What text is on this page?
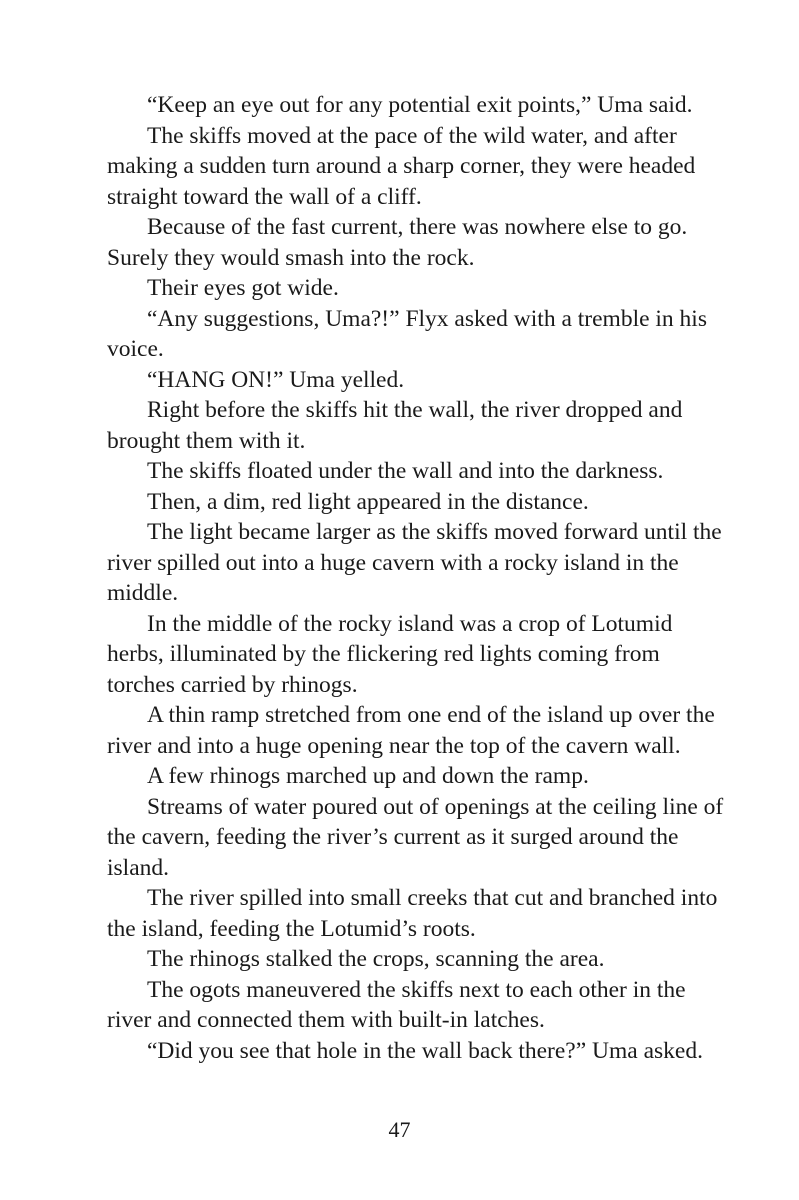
“Keep an eye out for any potential exit points,” Uma said.

The skiffs moved at the pace of the wild water, and after making a sudden turn around a sharp corner, they were headed straight toward the wall of a cliff.

Because of the fast current, there was nowhere else to go. Surely they would smash into the rock.

Their eyes got wide.

“Any suggestions, Uma?!” Flyx asked with a tremble in his voice.

“HANG ON!” Uma yelled.

Right before the skiffs hit the wall, the river dropped and brought them with it.

The skiffs floated under the wall and into the darkness.

Then, a dim, red light appeared in the distance.

The light became larger as the skiffs moved forward until the river spilled out into a huge cavern with a rocky island in the middle.

In the middle of the rocky island was a crop of Lotumid herbs, illuminated by the flickering red lights coming from torches carried by rhinogs.

A thin ramp stretched from one end of the island up over the river and into a huge opening near the top of the cavern wall.

A few rhinogs marched up and down the ramp.

Streams of water poured out of openings at the ceiling line of the cavern, feeding the river’s current as it surged around the island.

The river spilled into small creeks that cut and branched into the island, feeding the Lotumid’s roots.

The rhinogs stalked the crops, scanning the area.

The ogots maneuvered the skiffs next to each other in the river and connected them with built-in latches.

“Did you see that hole in the wall back there?” Uma asked.

47
